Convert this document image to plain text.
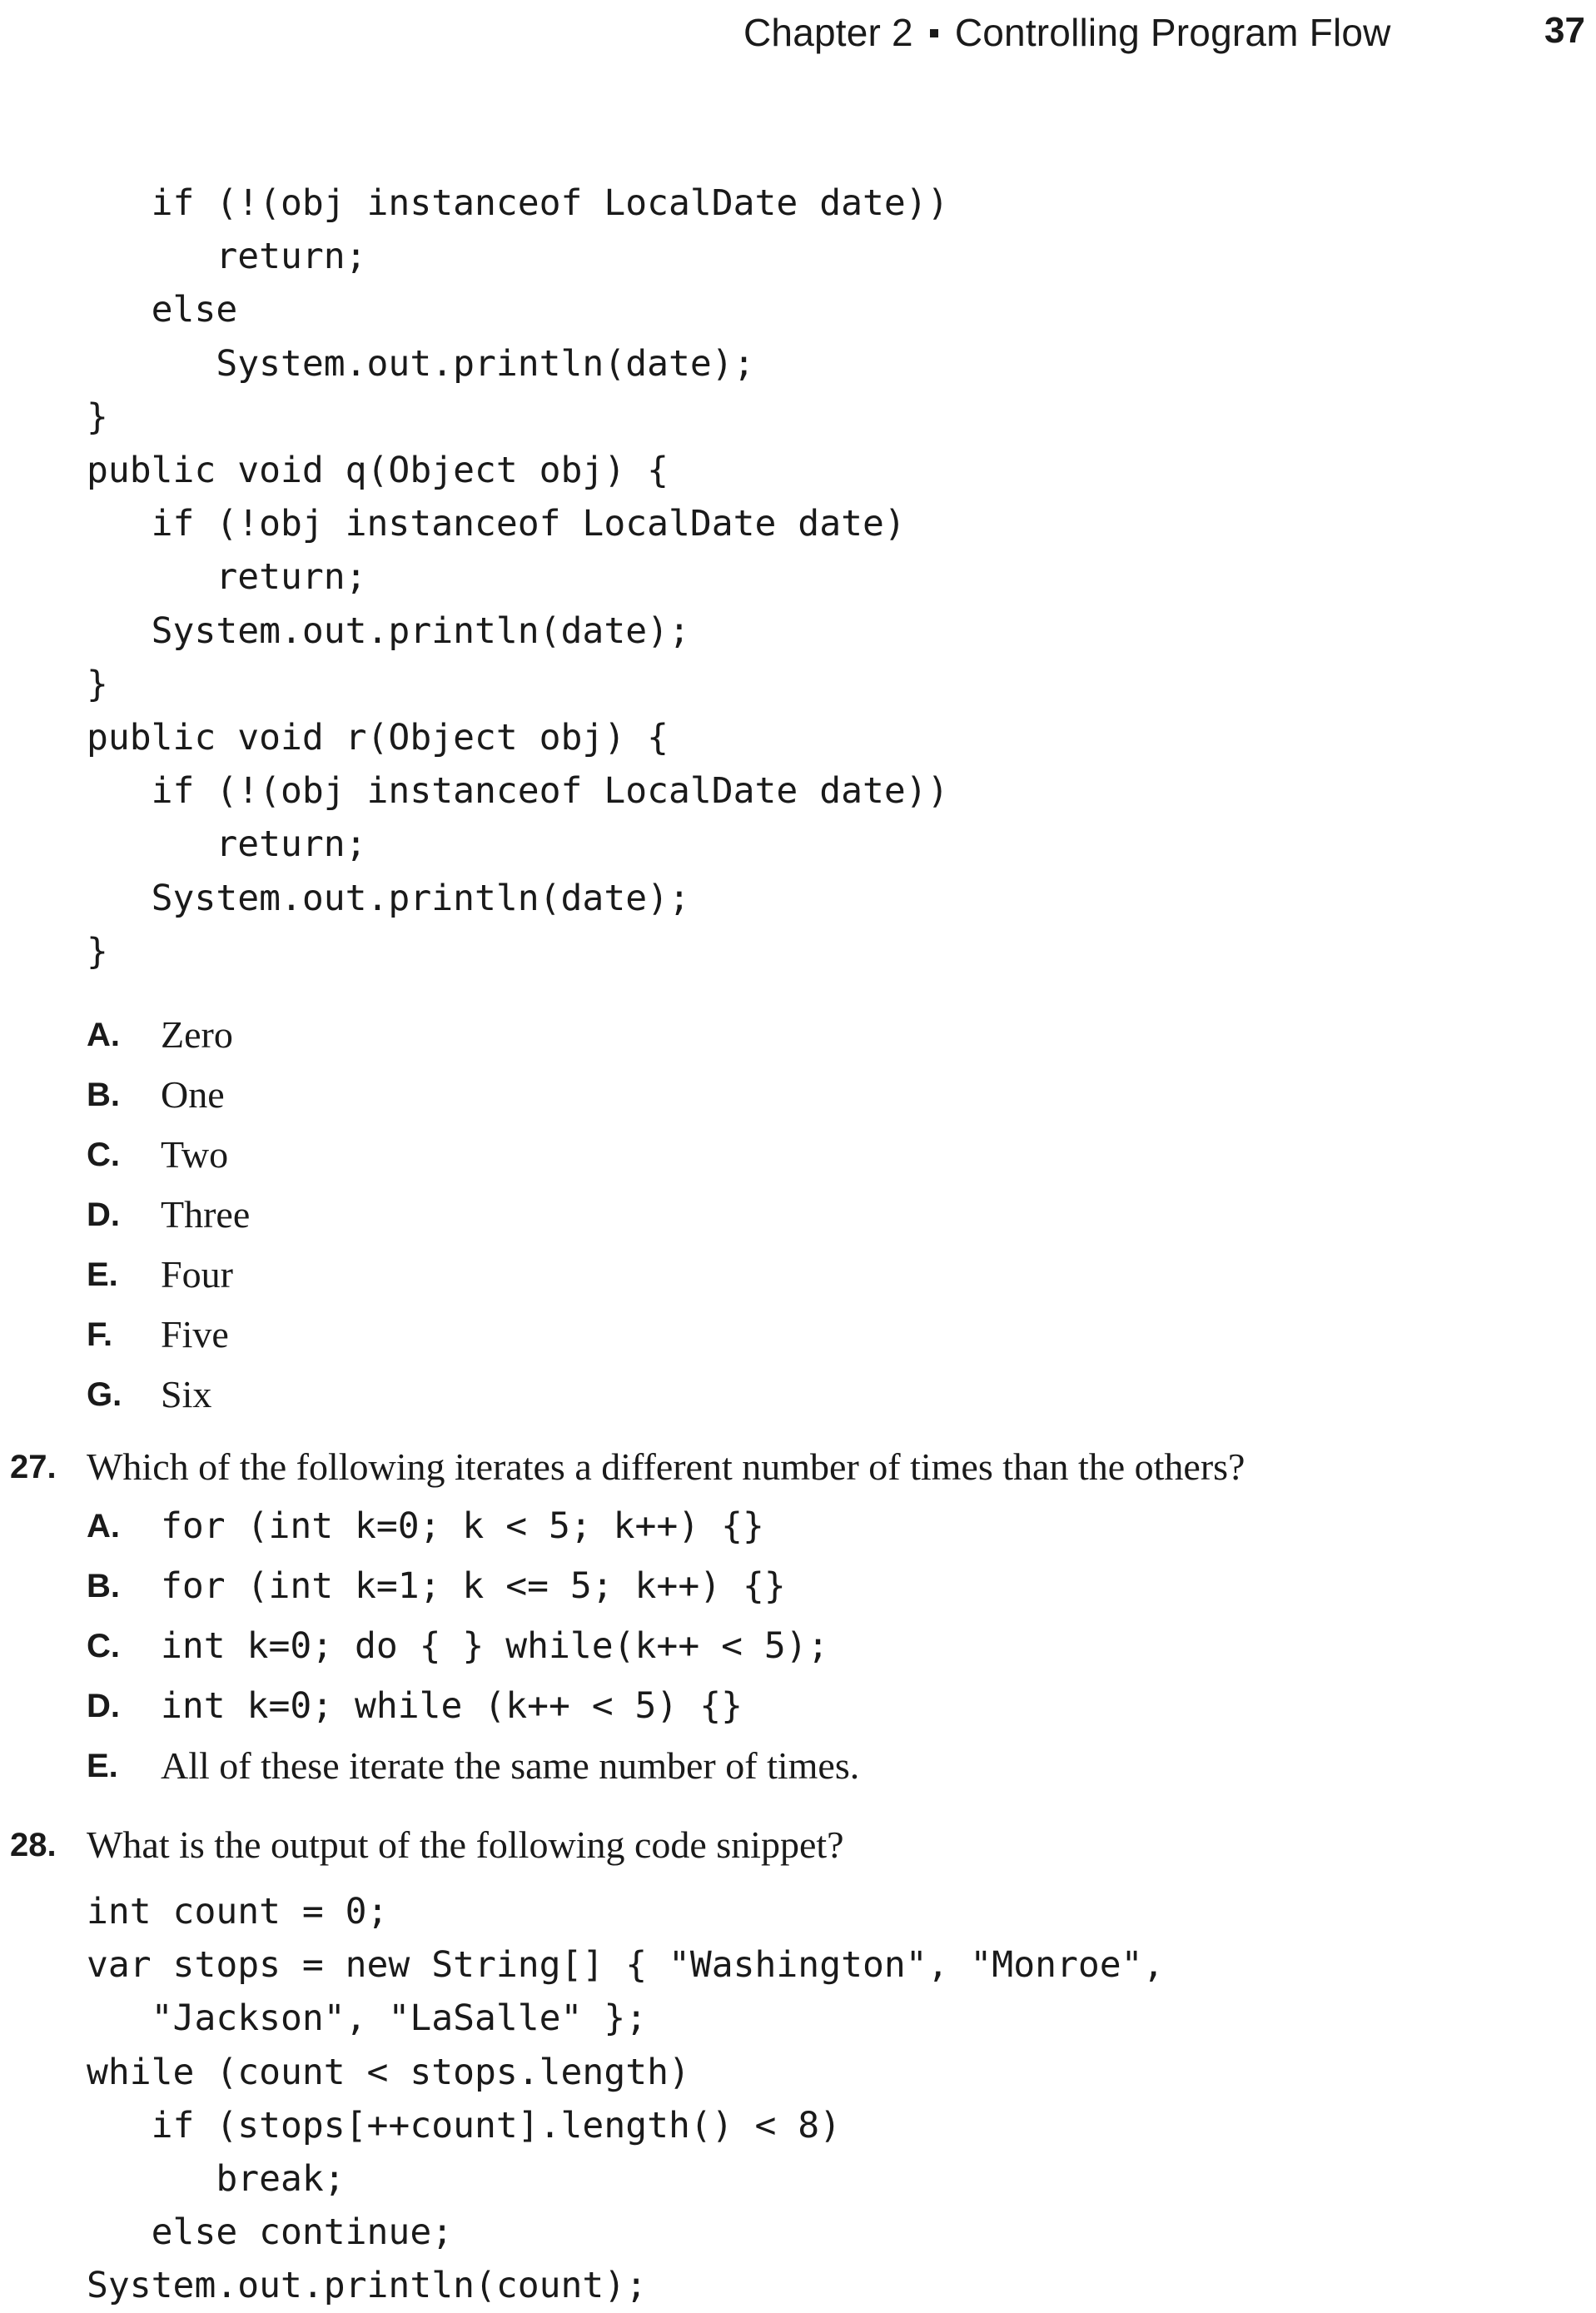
Chapter 2 Controlling Program Flow	37
if (!(obj instanceof LocalDate date))
return;
else
System.out.println(date);
}
public void q(Object obj) {
if (!obj instanceof LocalDate date)
return;
System.out.println(date);
}
public void r(Object obj) {
if (!(obj instanceof LocalDate date))
return;
System.out.println(date);
}
A. Zero
B. One
C. Two
D. Three
E. Four
F. Five
G. Six
27. Which of the following iterates a different number of times than the others?
A. for (int k=0; k < 5; k++) {}
B. for (int k=1; k <= 5; k++) {}
C. int k=0; do { } while(k++ < 5);
D. int k=0; while (k++ < 5) {}
E. All of these iterate the same number of times.
28. What is the output of the following code snippet?
int count = 0;
var stops = new String[] { "Washington", "Monroe",
"Jackson", "LaSalle" };
while (count < stops.length)
if (stops[++count].length() < 8)
break;
else continue;
System.out.println(count);
